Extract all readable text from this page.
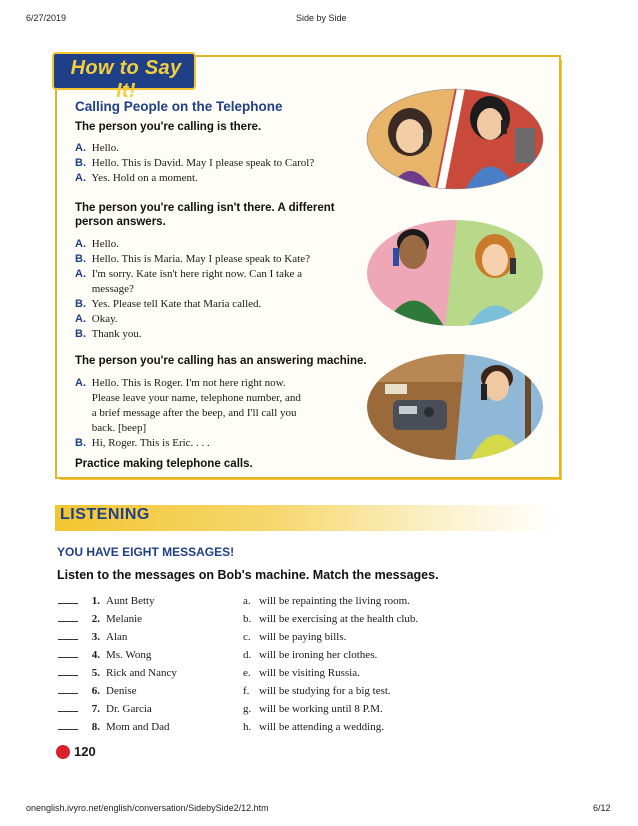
6/27/2019	Side by Side
How to Say It!
Calling People on the Telephone
The person you're calling is there.
A. Hello.
B. Hello. This is David. May I please speak to Carol?
A. Yes. Hold on a moment.
The person you're calling isn't there. A different
person answers.
A. Hello.
B. Hello. This is Maria. May I please speak to Kate?
A. I'm sorry. Kate isn't here right now. Can I take a
message?
B. Yes. Please tell Kate that Maria called.
A. Okay.
B. Thank you.
The person you're calling has an answering machine.
A. Hello. This is Roger. I'm not here right now.
Please leave your name, telephone number, and
a brief message after the beep, and I'll call you
back. [beep]
B. Hi, Roger. This is Eric. . . .
Practice making telephone calls.
LISTENING
YOU HAVE EIGHT MESSAGES!
Listen to the messages on Bob's machine. Match the messages.
1. Aunt Betty
2. Melanie
3. Alan
4. Ms. Wong
5. Rick and Nancy
6. Denise
7. Dr. Garcia
8. Mom and Dad
a. will be repainting the living room.
b. will be exercising at the health club.
c. will be paying bills.
d. will be ironing her clothes.
e. will be visiting Russia.
f. will be studying for a big test.
g. will be working until 8 P.M.
h. will be attending a wedding.
120
onenglish.ivyro.net/english/conversation/SidebySide2/12.htm	6/12
